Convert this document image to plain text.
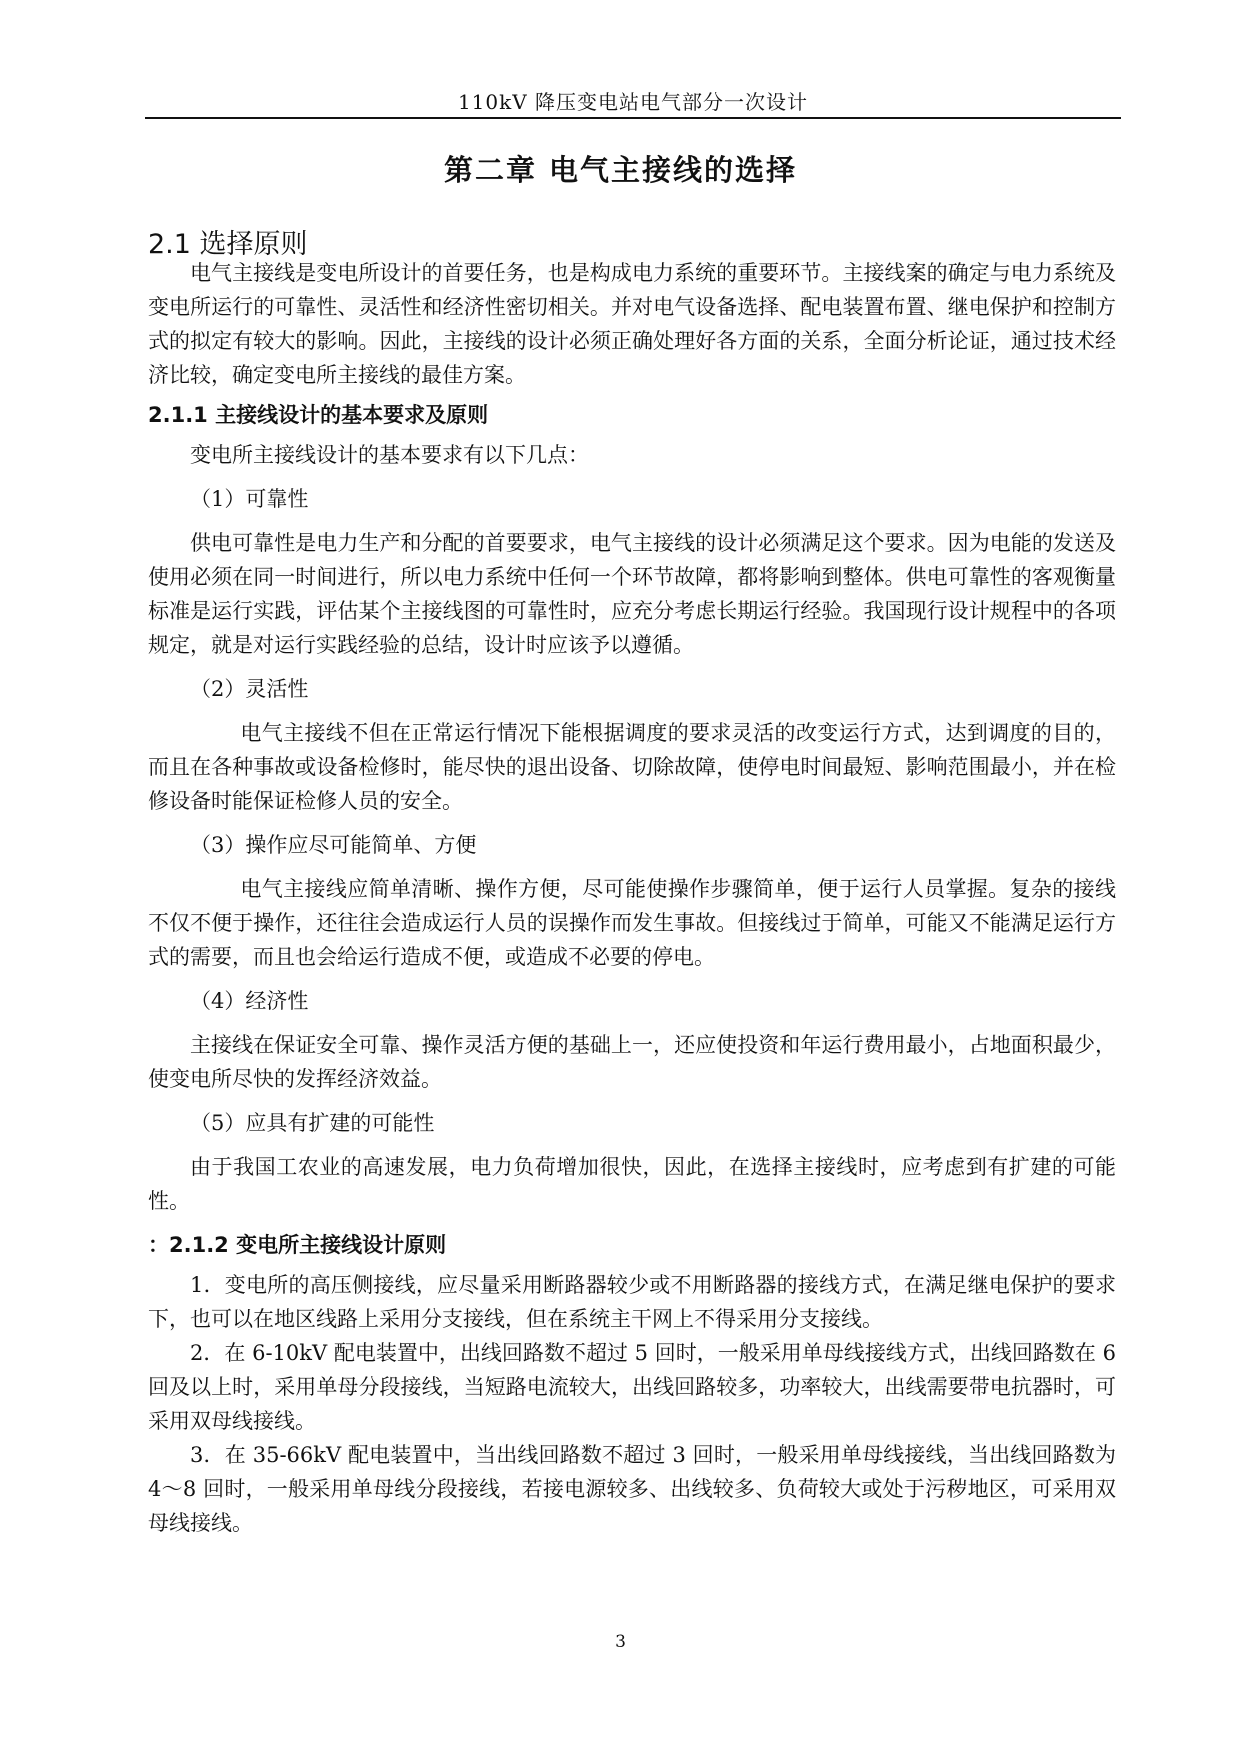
110kV 降压变电站电气部分一次设计
第二章 电气主接线的选择
2.1 选择原则

电气主接线是变电所设计的首要任务，也是构成电力系统的重要环节。主接线案的确定与电力系统及变电所运行的可靠性、灵活性和经济性密切相关。并对电气设备选择、配电装置布置、继电保护和控制方式的拟定有较大的影响。因此，主接线的设计必须正确处理好各方面的关系，全面分析论证，通过技术经济比较，确定变电所主接线的最佳方案。

2.1.1 主接线设计的基本要求及原则

变电所主接线设计的基本要求有以下几点：

（1）可靠性

供电可靠性是电力生产和分配的首要要求，电气主接线的设计必须满足这个要求。因为电能的发送及使用必须在同一时间进行，所以电力系统中任何一个环节故障，都将影响到整体。供电可靠性的客观衡量标准是运行实践，评估某个主接线图的可靠性时，应充分考虑长期运行经验。我国现行设计规程中的各项规定，就是对运行实践经验的总结，设计时应该予以遵循。

（2）灵活性

电气主接线不但在正常运行情况下能根据调度的要求灵活的改变运行方式，达到调度的目的，而且在各种事故或设备检修时，能尽快的退出设备、切除故障，使停电时间最短、影响范围最小，并在检修设备时能保证检修人员的安全。

（3）操作应尽可能简单、方便

电气主接线应简单清晰、操作方便，尽可能使操作步骤简单，便于运行人员掌握。复杂的接线不仅不便于操作，还往往会造成运行人员的误操作而发生事故。但接线过于简单，可能又不能满足运行方式的需要，而且也会给运行造成不便，或造成不必要的停电。

（4）经济性

主接线在保证安全可靠、操作灵活方便的基础上一，还应使投资和年运行费用最小，占地面积最少，使变电所尽快的发挥经济效益。

（5）应具有扩建的可能性

由于我国工农业的高速发展，电力负荷增加很快，因此，在选择主接线时，应考虑到有扩建的可能性。

：2.1.2 变电所主接线设计原则

1．变电所的高压侧接线，应尽量采用断路器较少或不用断路器的接线方式，在满足继电保护的要求下，也可以在地区线路上采用分支接线，但在系统主干网上不得采用分支接线。

2．在 6-10kV 配电装置中，出线回路数不超过 5 回时，一般采用单母线接线方式，出线回路数在 6 回及以上时，采用单母分段接线，当短路电流较大，出线回路较多，功率较大，出线需要带电抗器时，可采用双母线接线。

3．在 35-66kV 配电装置中，当出线回路数不超过 3 回时，一般采用单母线接线，当出线回路数为 4～8 回时，一般采用单母线分段接线，若接电源较多、出线较多、负荷较大或处于污秽地区，可采用双母线接线。

3
